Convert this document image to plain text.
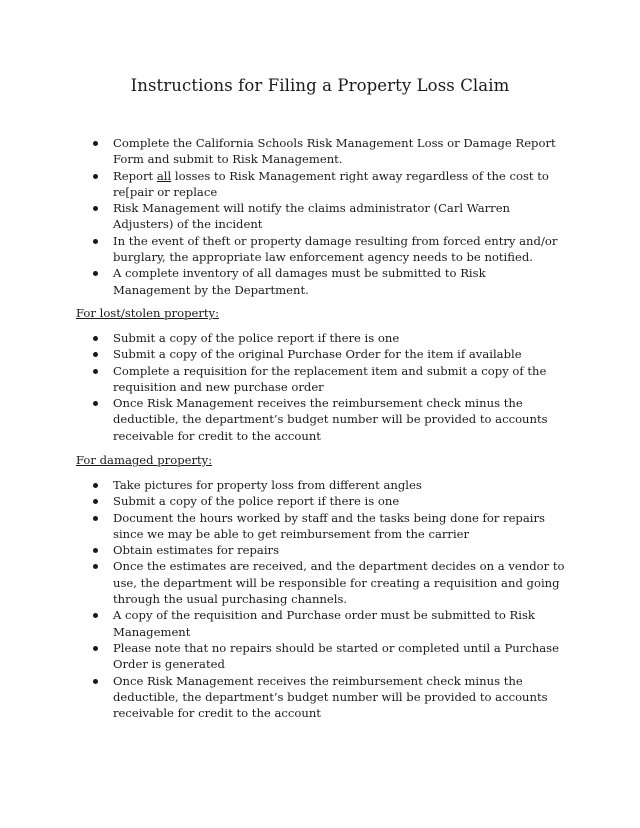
Instructions for Filing a Property Loss Claim
Complete the California Schools Risk Management Loss or Damage Report Form and submit to Risk Management.
Report all losses to Risk Management right away regardless of the cost to re[pair or replace
Risk Management will notify the claims administrator (Carl Warren Adjusters) of the incident
In the event of theft or property damage resulting from forced entry and/or burglary, the appropriate law enforcement agency needs to be notified.
A complete inventory of all damages must be submitted to Risk Management by the Department.
For lost/stolen property:
Submit a copy of the police report if there is one
Submit a copy of the original Purchase Order for the item if available
Complete a requisition for the replacement item and submit a copy of the requisition and new purchase order
Once Risk Management receives the reimbursement check minus the deductible, the department’s budget number will be provided to accounts receivable for credit to the account
For damaged property:
Take pictures for property loss from different angles
Submit a copy of the police report if there is one
Document the hours worked by staff and the tasks being done for repairs since we may be able to get reimbursement from the carrier
Obtain estimates for repairs
Once the estimates are received, and the department decides on a vendor to use, the department will be responsible for creating a requisition and going through the usual purchasing channels.
A copy of the requisition and Purchase order must be submitted to Risk Management
Please note that no repairs should be started or completed until a Purchase Order is generated
Once Risk Management receives the reimbursement check minus the deductible, the department’s budget number will be provided to accounts receivable for credit to the account
